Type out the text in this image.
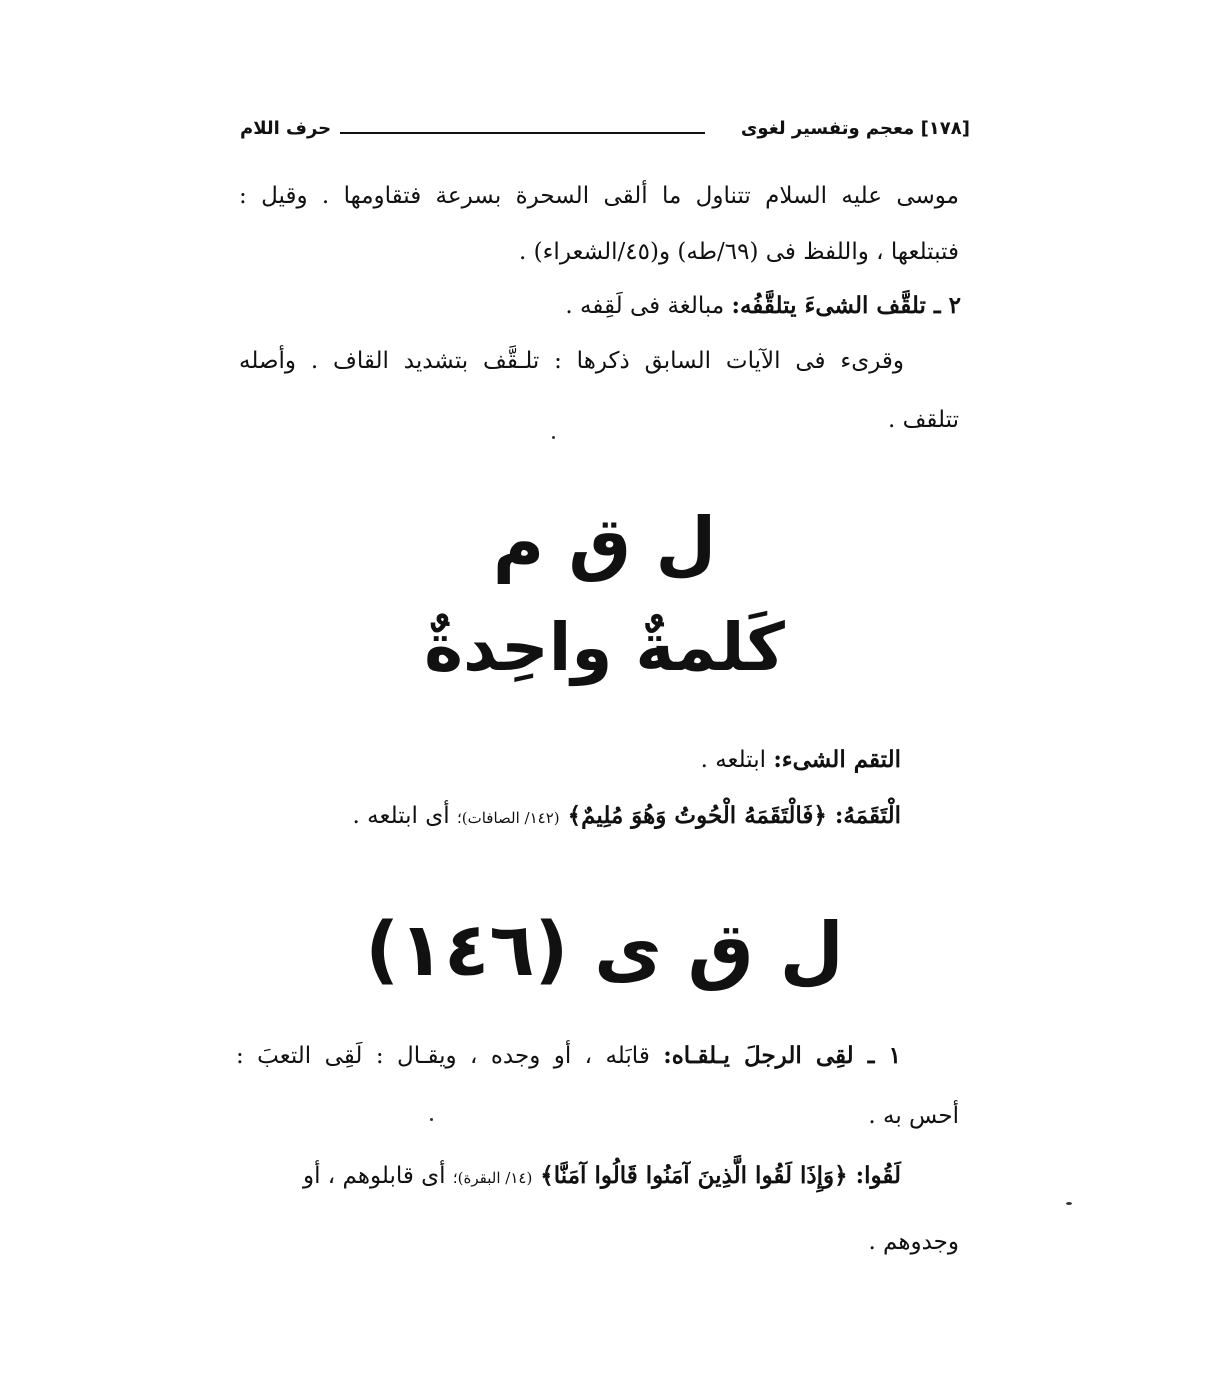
[١٧٨] معجم وتفسير لغوى
حرف اللام
موسى عليه السلام تتناول ما ألقى السحرة بسرعة فتقاومها . وقيل :
فتبتلعها ، واللفظ فى (٦٩/طه) و(٤٥/الشعراء) .
٢ ـ تلقَّف الشىءَ يتلقَّفُه: مبالغة فى لَقِفه .
وقرىء فى الآيات السابق ذكرها : تلـقَّف بتشديد القاف . وأصله
تتلقف .
ل ق م
كَلمةٌ واحِدةٌ
التقم الشىء: ابتلعه .
الْتَقَمَهُ: ﴿فَالْتَقَمَهُ الْحُوتُ وَهُوَ مُلِيمٌ﴾ (١٤٢/ الصافات)؛ أى ابتلعه .
ل ق ى (١٤٦)
١ ـ لقِى الرجلَ يـلقـاه: قابَله ، أو وجده ، ويقـال : لَقِى التعبَ :
أحس به .
لَقُوا: ﴿وَإِذَا لَقُوا الَّذِينَ آمَنُوا قَالُوا آمَنَّا﴾ (١٤/ البقرة)؛ أى قابلوهم ، أو
وجدوهم .
